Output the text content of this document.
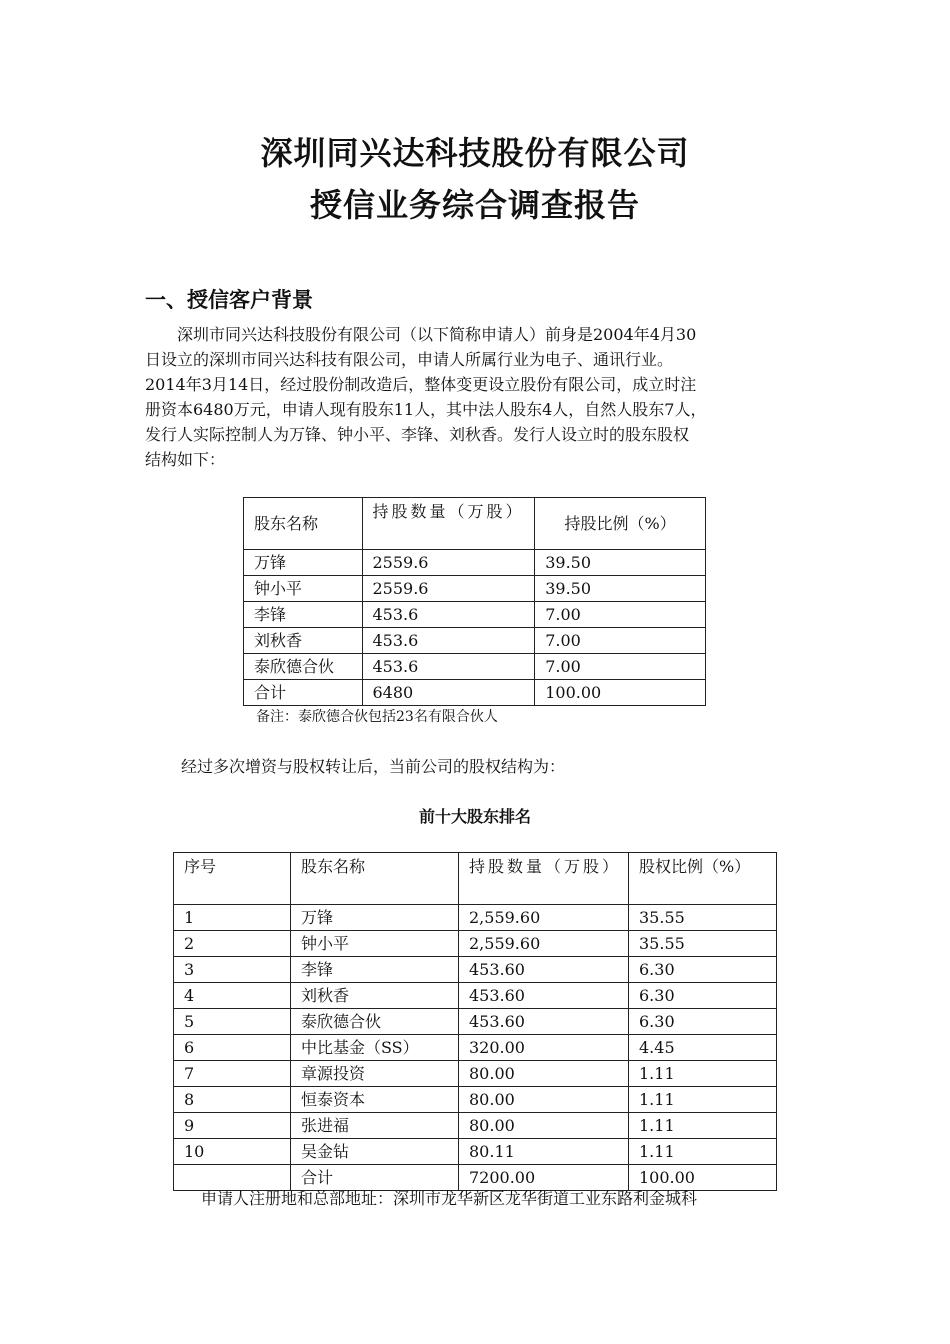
深圳同兴达科技股份有限公司
授信业务综合调查报告
一、授信客户背景
深圳市同兴达科技股份有限公司（以下简称申请人）前身是2004年4月30
日设立的深圳市同兴达科技有限公司，申请人所属行业为电子、通讯行业。
2014年3月14日，经过股份制改造后，整体变更设立股份有限公司，成立时注
册资本6480万元，申请人现有股东11人，其中法人股东4人，自然人股东7人，
发行人实际控制人为万锋、钟小平、李锋、刘秋香。发行人设立时的股东股权
结构如下：
股东名称	持股数量（万股）	持股比例（%）
万锋	2559.6	39.50
钟小平	2559.6	39.50
李锋	453.6	7.00
刘秋香	453.6	7.00
泰欣德合伙	453.6	7.00
合计	6480	100.00
备注：泰欣德合伙包括23名有限合伙人
经过多次增资与股权转让后，当前公司的股权结构为：
前十大股东排名
序号	股东名称	持股数量（万股）	股权比例（%）
1	万锋	2,559.60	35.55
2	钟小平	2,559.60	35.55
3	李锋	453.60	6.30
4	刘秋香	453.60	6.30
5	泰欣德合伙	453.60	6.30
6	中比基金（SS）	320.00	4.45
7	章源投资	80.00	1.11
8	恒泰资本	80.00	1.11
9	张进福	80.00	1.11
10	吴金钻	80.11	1.11
	合计	7200.00	100.00
申请人注册地和总部地址：深圳市龙华新区龙华街道工业东路利金城科
